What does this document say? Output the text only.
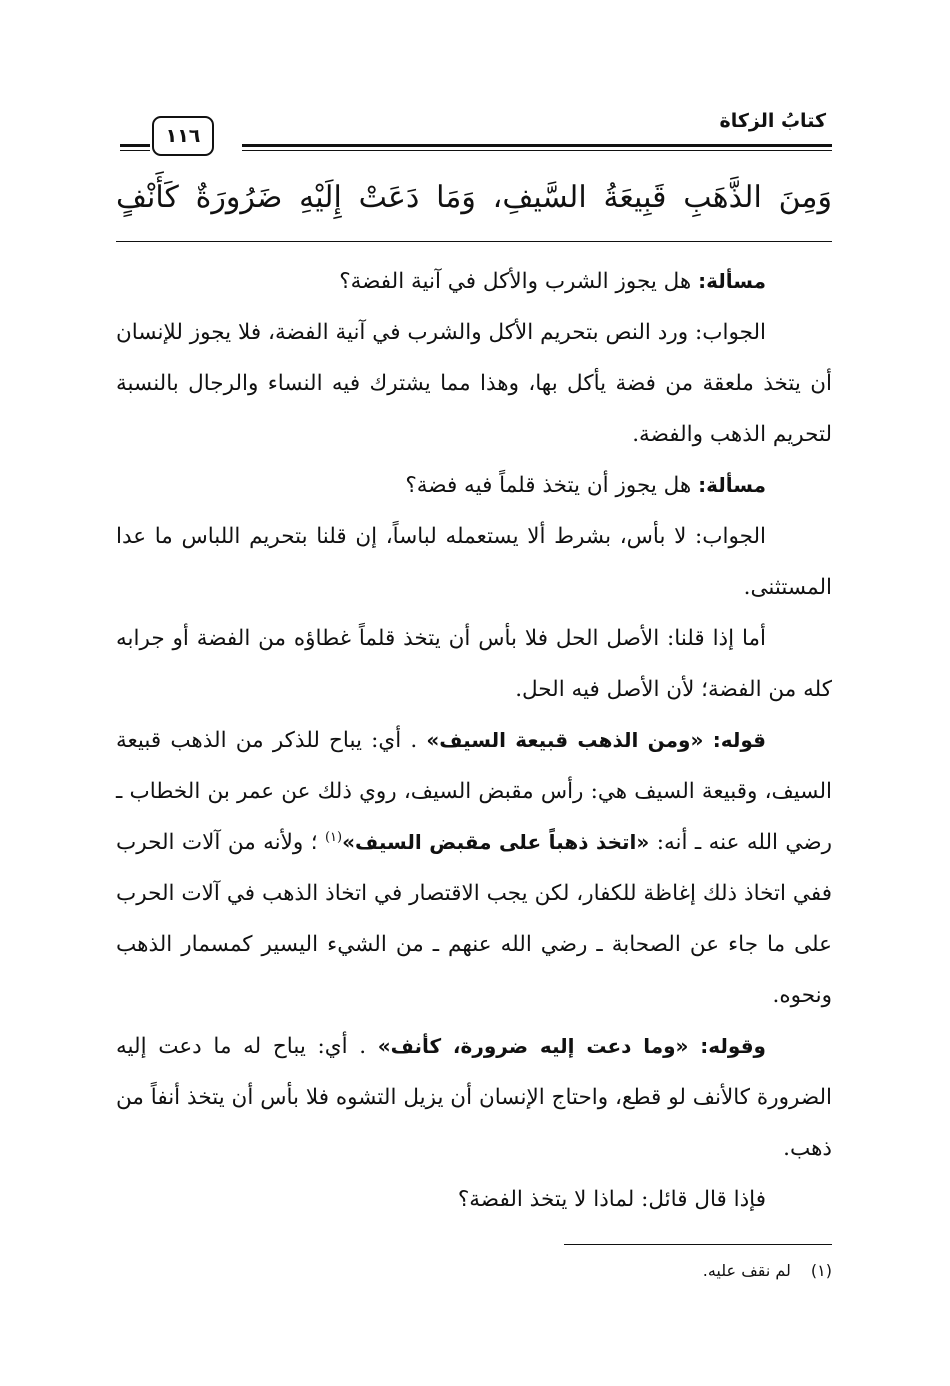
كتابُ الزكاة
١١٦
وَمِنَ الذَّهَبِ قَبِيعَةُ السَّيفِ، وَمَا دَعَتْ إِلَيْهِ ضَرُورَةٌ كَأَنْفٍ

مسألة: هل يجوز الشرب والأكل في آنية الفضة؟

الجواب: ورد النص بتحريم الأكل والشرب في آنية الفضة، فلا يجوز للإنسان أن يتخذ ملعقة من فضة يأكل بها، وهذا مما يشترك فيه النساء والرجال بالنسبة لتحريم الذهب والفضة.

مسألة: هل يجوز أن يتخذ قلماً فيه فضة؟

الجواب: لا بأس، بشرط ألا يستعمله لباساً، إن قلنا بتحريم اللباس ما عدا المستثنى.

أما إذا قلنا: الأصل الحل فلا بأس أن يتخذ قلماً غطاؤه من الفضة أو جرابه كله من الفضة؛ لأن الأصل فيه الحل.

قوله: «ومن الذهب قبيعة السيف» . أي: يباح للذكر من الذهب قبيعة السيف، وقبيعة السيف هي: رأس مقبض السيف، روي ذلك عن عمر بن الخطاب ـ رضي الله عنه ـ أنه: «اتخذ ذهباً على مقبض السيف»$^{(١)}$ ؛ ولأنه من آلات الحرب ففي اتخاذ ذلك إغاظة للكفار، لكن يجب الاقتصار في اتخاذ الذهب في آلات الحرب على ما جاء عن الصحابة ـ رضي الله عنهم ـ من الشيء اليسير كمسمار الذهب ونحوه.

وقوله: «وما دعت إليه ضرورة، كأنف» . أي: يباح له ما دعت إليه الضرورة كالأنف لو قطع، واحتاج الإنسان أن يزيل التشوه فلا بأس أن يتخذ أنفاً من ذهب.

فإذا قال قائل: لماذا لا يتخذ الفضة؟

(١)لم نقف عليه.
